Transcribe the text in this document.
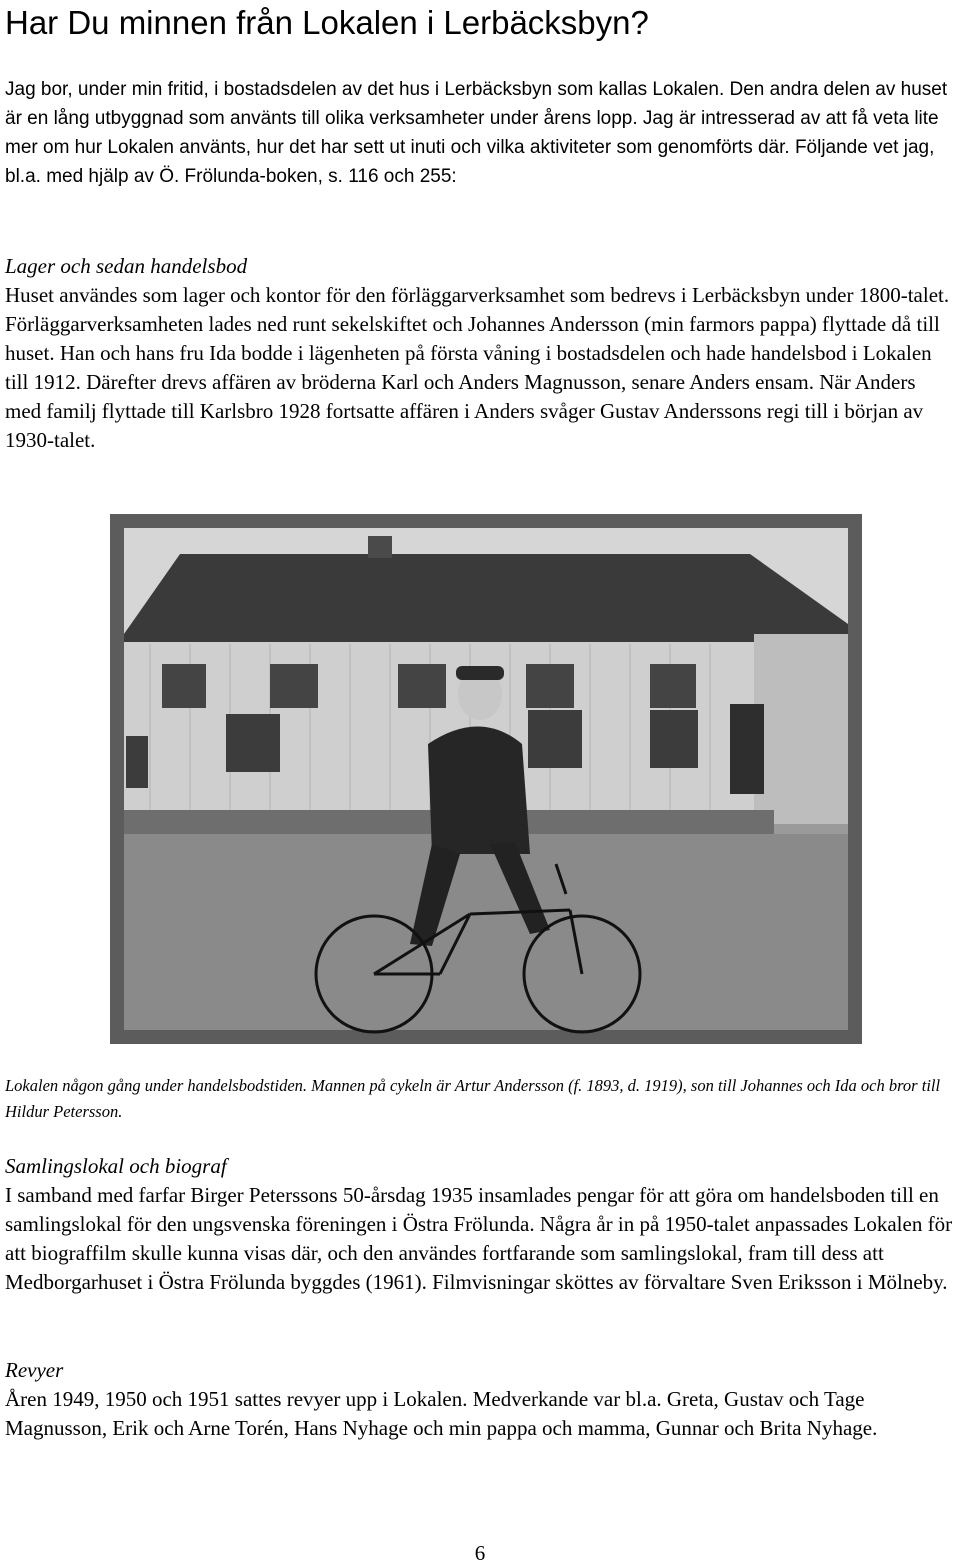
Har Du minnen från Lokalen i Lerbäcksbyn?

Jag bor, under min fritid, i bostadsdelen av det hus i Lerbäcksbyn som kallas Lokalen. Den andra delen av huset är en lång utbyggnad som använts till olika verksamheter under årens lopp. Jag är intresserad av att få veta lite mer om hur Lokalen använts, hur det har sett ut inuti och vilka aktiviteter som genomförts där. Följande vet jag, bl.a. med hjälp av Ö. Frölunda-boken, s. 116 och 255:

Lager och sedan handelsbod

Huset användes som lager och kontor för den förläggarverksamhet som bedrevs i Lerbäcksbyn under 1800-talet. Förläggarverksamheten lades ned runt sekelskiftet och Johannes Andersson (min farmors pappa) flyttade då till huset. Han och hans fru Ida bodde i lägenheten på första våning i bostadsdelen och hade handelsbod i Lokalen till 1912. Därefter drevs affären av bröderna Karl och Anders Magnusson, senare Anders ensam. När Anders med familj flyttade till Karlsbro 1928 fortsatte affären i Anders svåger Gustav Anderssons regi till i början av 1930-talet.

Lokalen någon gång under handelsbodstiden. Mannen på cykeln är Artur Andersson (f. 1893, d. 1919), son till Johannes och Ida och bror till Hildur Petersson.

Samlingslokal och biograf

I samband med farfar Birger Peterssons 50-årsdag 1935 insamlades pengar för att göra om handelsboden till en samlingslokal för den ungsvenska föreningen i Östra Frölunda. Några år in på 1950-talet anpassades Lokalen för att biograffilm skulle kunna visas där, och den användes fortfarande som samlingslokal, fram till dess att Medborgarhuset i Östra Frölunda byggdes (1961). Filmvisningar sköttes av förvaltare Sven Eriksson i Mölneby.

Revyer

Åren 1949, 1950 och 1951 sattes revyer upp i Lokalen. Medverkande var bl.a. Greta, Gustav och Tage Magnusson, Erik och Arne Torén, Hans Nyhage och min pappa och mamma, Gunnar och Brita Nyhage.

6
